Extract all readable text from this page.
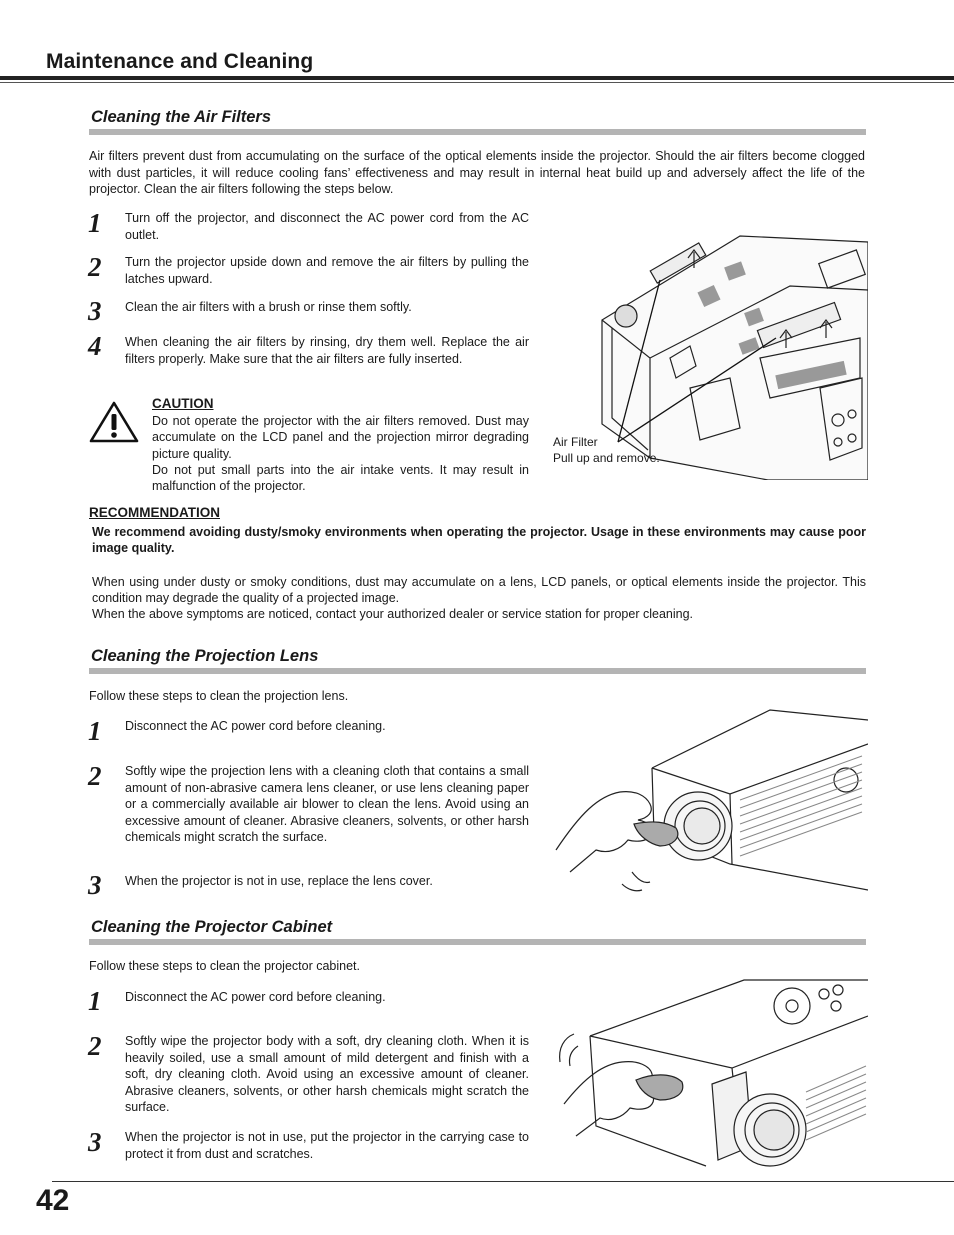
Maintenance and Cleaning
Cleaning the Air Filters
Air filters prevent dust from accumulating on the surface of the optical elements inside the projector. Should the air filters become clogged with dust particles, it will reduce cooling fans’ effectiveness and may result in internal heat build up and adversely affect the life of the projector. Clean the air filters following the steps below.
1 Turn off the projector, and disconnect the AC power cord from the AC outlet.
2 Turn the projector upside down and remove the air filters by pulling the latches upward.
3 Clean the air filters with a brush or rinse them softly.
4 When cleaning the air filters by rinsing, dry them well. Replace the air filters properly. Make sure that the air filters are fully inserted.
CAUTION
Do not operate the projector with the air filters removed. Dust may accumulate on the LCD panel and the projection mirror degrading picture quality.
Do not put small parts into the air intake vents. It may result in malfunction of the projector.
Air Filter
Pull up and remove.
RECOMMENDATION
We recommend avoiding dusty/smoky environments when operating the projector. Usage in these environments may cause poor image quality.
When using under dusty or smoky conditions, dust may accumulate on a lens, LCD panels, or optical elements inside the projector. This condition may degrade the quality of a projected image.
When the above symptoms are noticed, contact your authorized dealer or service station for proper cleaning.
Cleaning the Projection Lens
Follow these steps to clean the projection lens.
1 Disconnect the AC power cord before cleaning.
2 Softly wipe the projection lens with a cleaning cloth that contains a small amount of non-abrasive camera lens cleaner, or use lens cleaning paper or a commercially available air blower to clean the lens. Avoid using an excessive amount of cleaner. Abrasive cleaners, solvents, or other harsh chemicals might scratch the surface.
3 When the projector is not in use, replace the lens cover.
Cleaning the Projector Cabinet
Follow these steps to clean the projector cabinet.
1 Disconnect the AC power cord before cleaning.
2 Softly wipe the projector body with a soft, dry cleaning cloth. When it is heavily soiled, use a small amount of mild detergent and finish with a soft, dry cleaning cloth. Avoid using an excessive amount of cleaner. Abrasive cleaners, solvents, or other harsh chemicals might scratch the surface.
3 When the projector is not in use, put the projector in the carrying case to protect it from dust and scratches.
42
